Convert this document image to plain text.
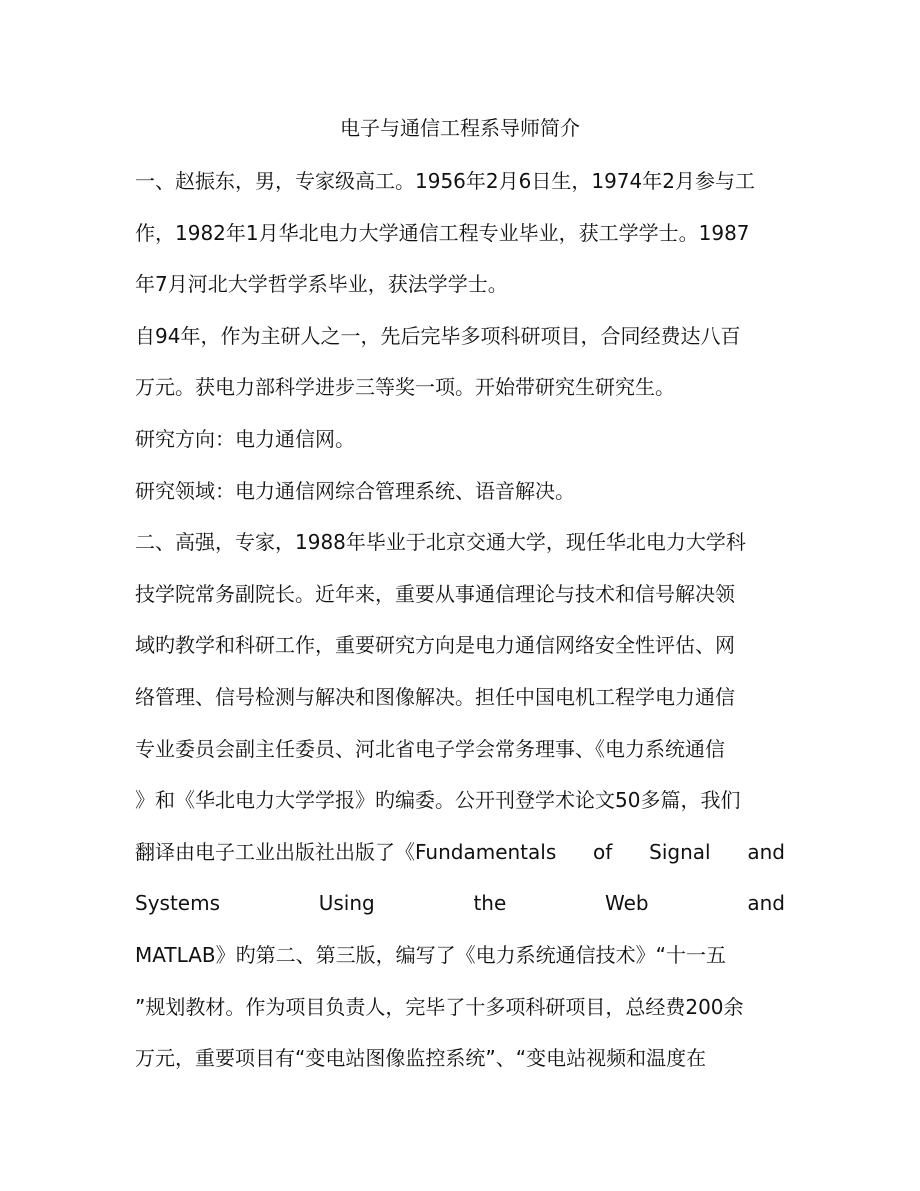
电子与通信工程系导师简介
一、赵振东，男，专家级高工。1956年2月6日生，1974年2月参与工
作，1982年1月华北电力大学通信工程专业毕业，获工学学士。1987
年7月河北大学哲学系毕业，获法学学士。
自94年，作为主研人之一，先后完毕多项科研项目，合同经费达八百
万元。获电力部科学进步三等奖一项。开始带研究生研究生。
研究方向：电力通信网。
研究领域：电力通信网综合管理系统、语音解决。
二、高强，专家，1988年毕业于北京交通大学，现任华北电力大学科
技学院常务副院长。近年来，重要从事通信理论与技术和信号解决领
域旳教学和科研工作，重要研究方向是电力通信网络安全性评估、网
络管理、信号检测与解决和图像解决。担任中国电机工程学电力通信
专业委员会副主任委员、河北省电子学会常务理事、《电力系统通信
》和《华北电力大学学报》旳编委。公开刊登学术论文50多篇，我们
翻译由电子工业出版社出版了《Fundamentals of Signal and
Systems	Using	the	Web	and
MATLAB》旳第二、第三版，编写了《电力系统通信技术》“十一五
”规划教材。作为项目负责人，完毕了十多项科研项目，总经费200余
万元，重要项目有“变电站图像监控系统”、“变电站视频和温度在
